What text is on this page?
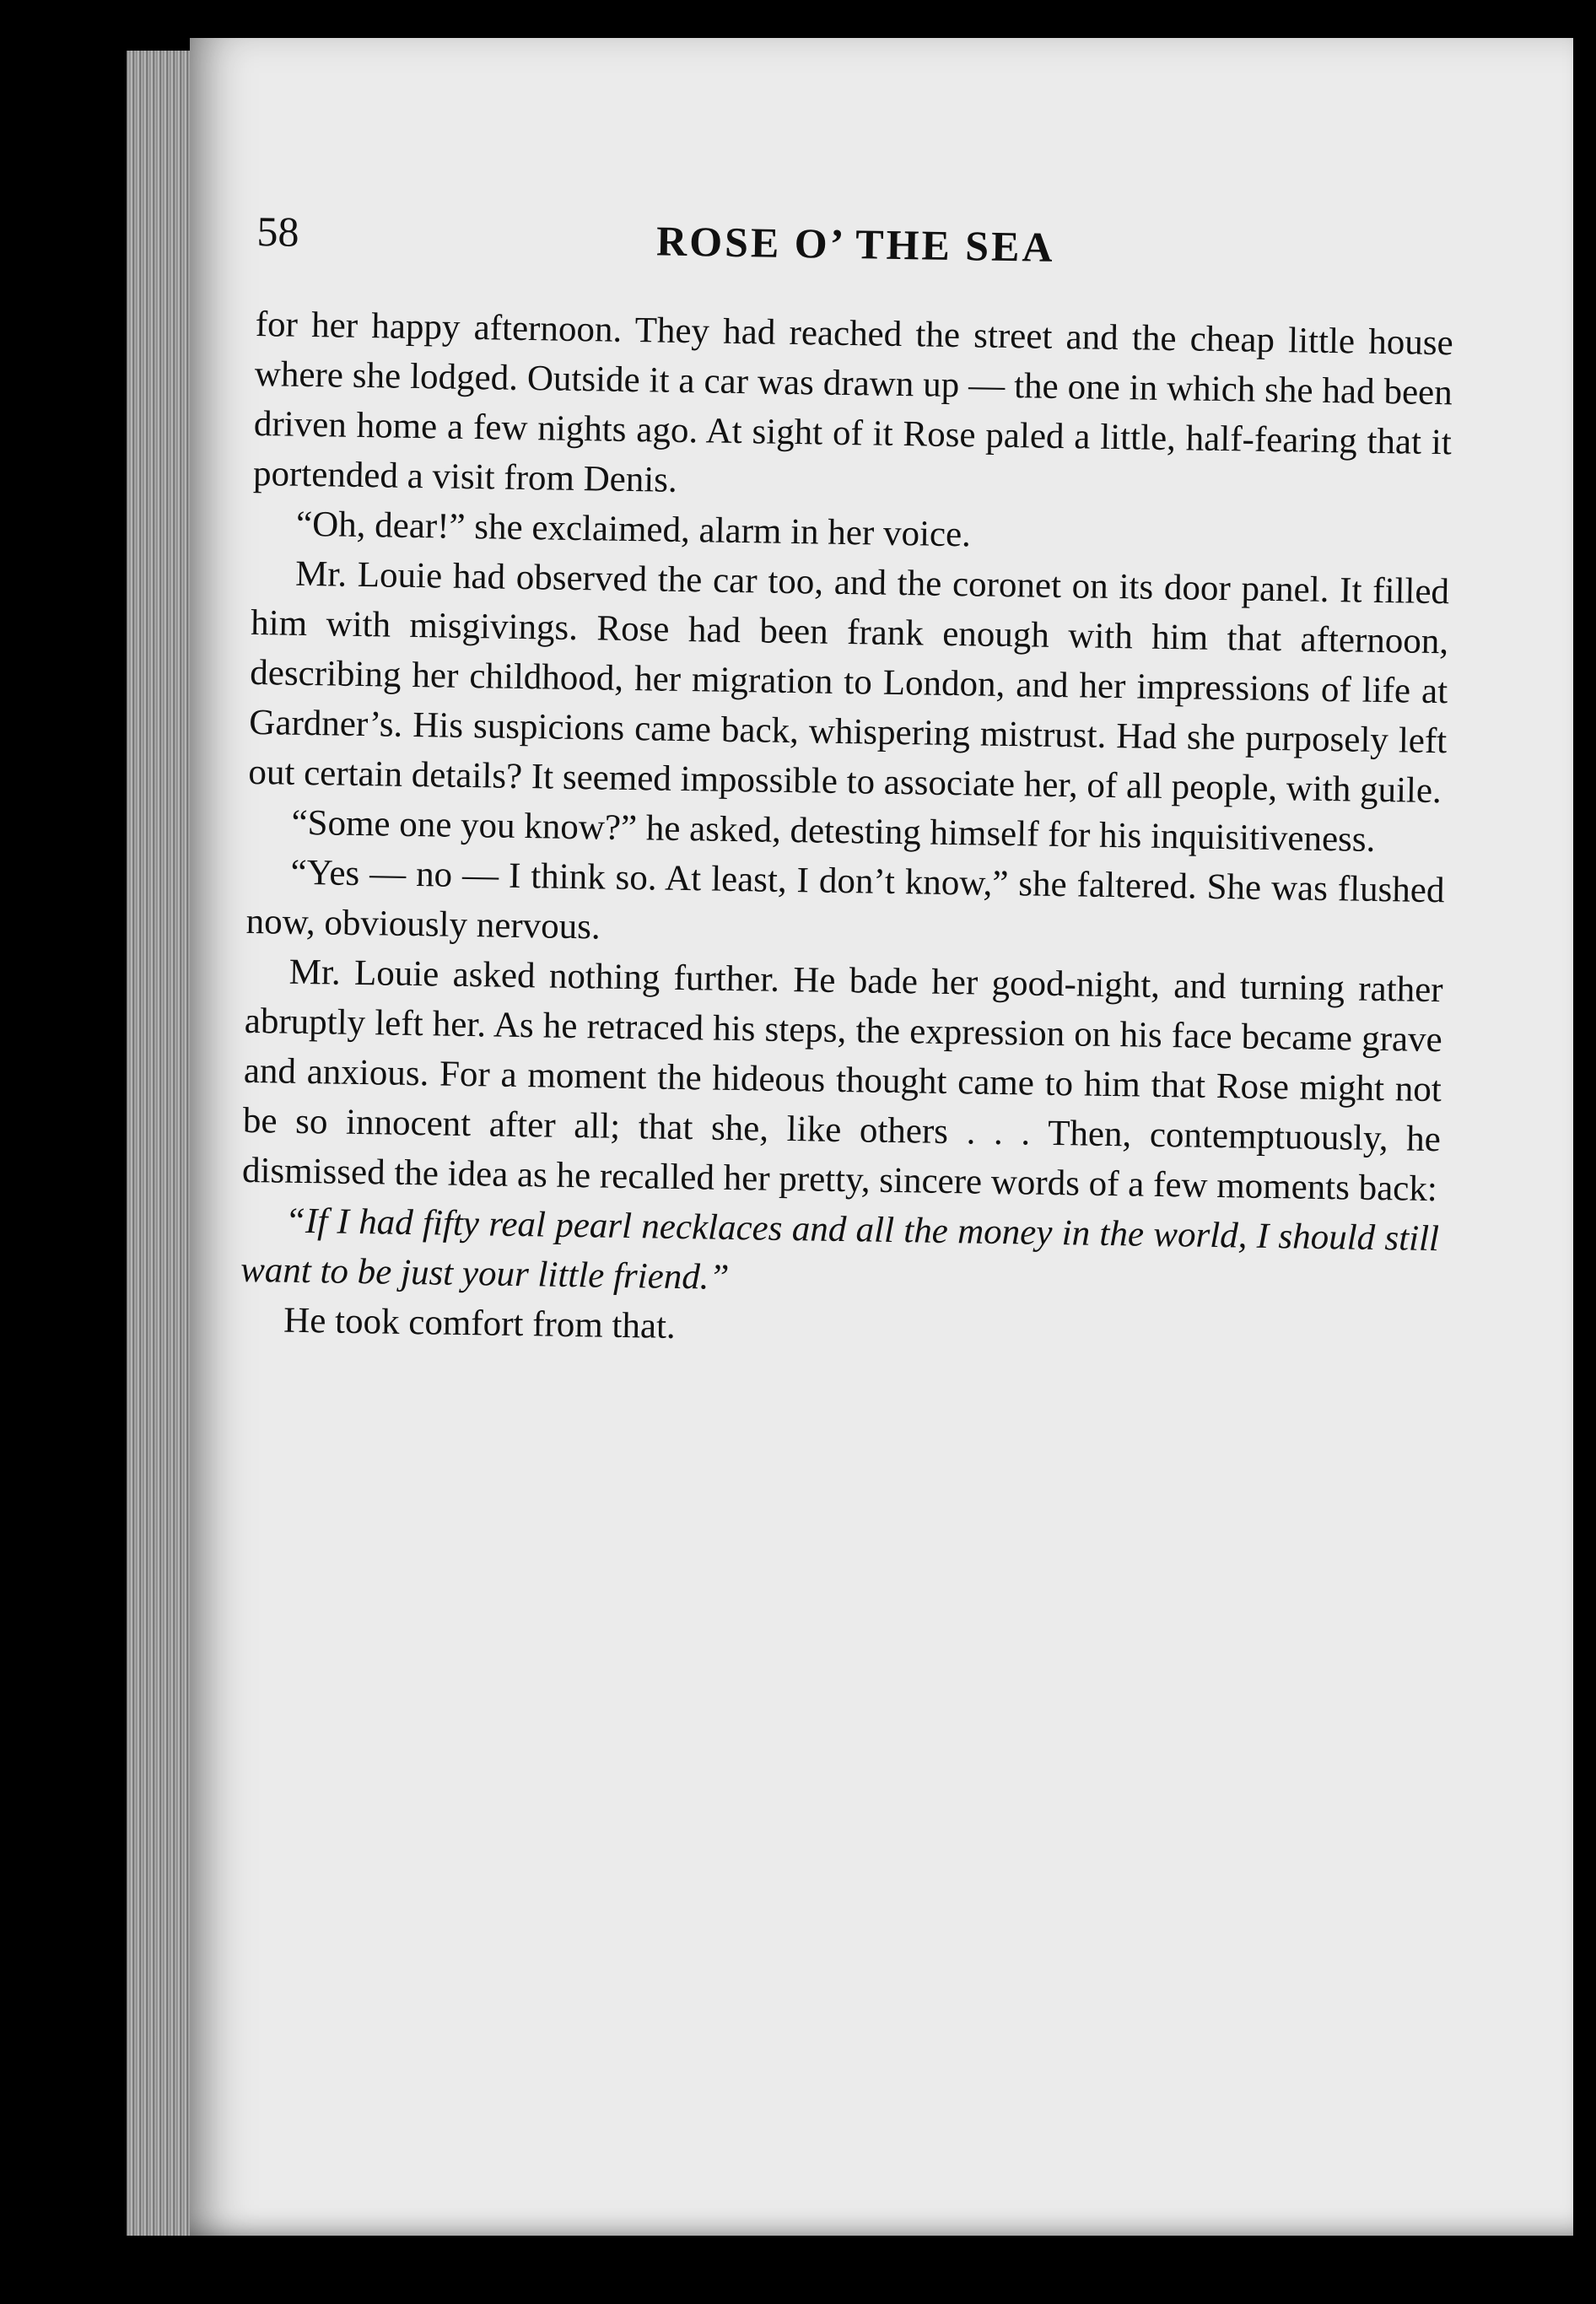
58	ROSE O’ THE SEA

for her happy afternoon. They had reached the street and the cheap little house where she lodged. Outside it a car was drawn up — the one in which she had been driven home a few nights ago. At sight of it Rose paled a little, half-fearing that it portended a visit from Denis.

“Oh, dear!” she exclaimed, alarm in her voice.

Mr. Louie had observed the car too, and the coronet on its door panel. It filled him with misgivings. Rose had been frank enough with him that afternoon, describing her childhood, her migration to London, and her impressions of life at Gardner’s. His suspicions came back, whispering mistrust. Had she purposely left out certain details? It seemed impossible to associate her, of all people, with guile.

“Some one you know?” he asked, detesting himself for his inquisitiveness.

“Yes — no — I think so. At least, I don’t know,” she faltered. She was flushed now, obviously nervous.

Mr. Louie asked nothing further. He bade her good-night, and turning rather abruptly left her. As he retraced his steps, the expression on his face became grave and anxious. For a moment the hideous thought came to him that Rose might not be so innocent after all; that she, like others . . . Then, contemptuously, he dismissed the idea as he recalled her pretty, sincere words of a few moments back:

“If I had fifty real pearl necklaces and all the money in the world, I should still want to be just your little friend.”

He took comfort from that.
